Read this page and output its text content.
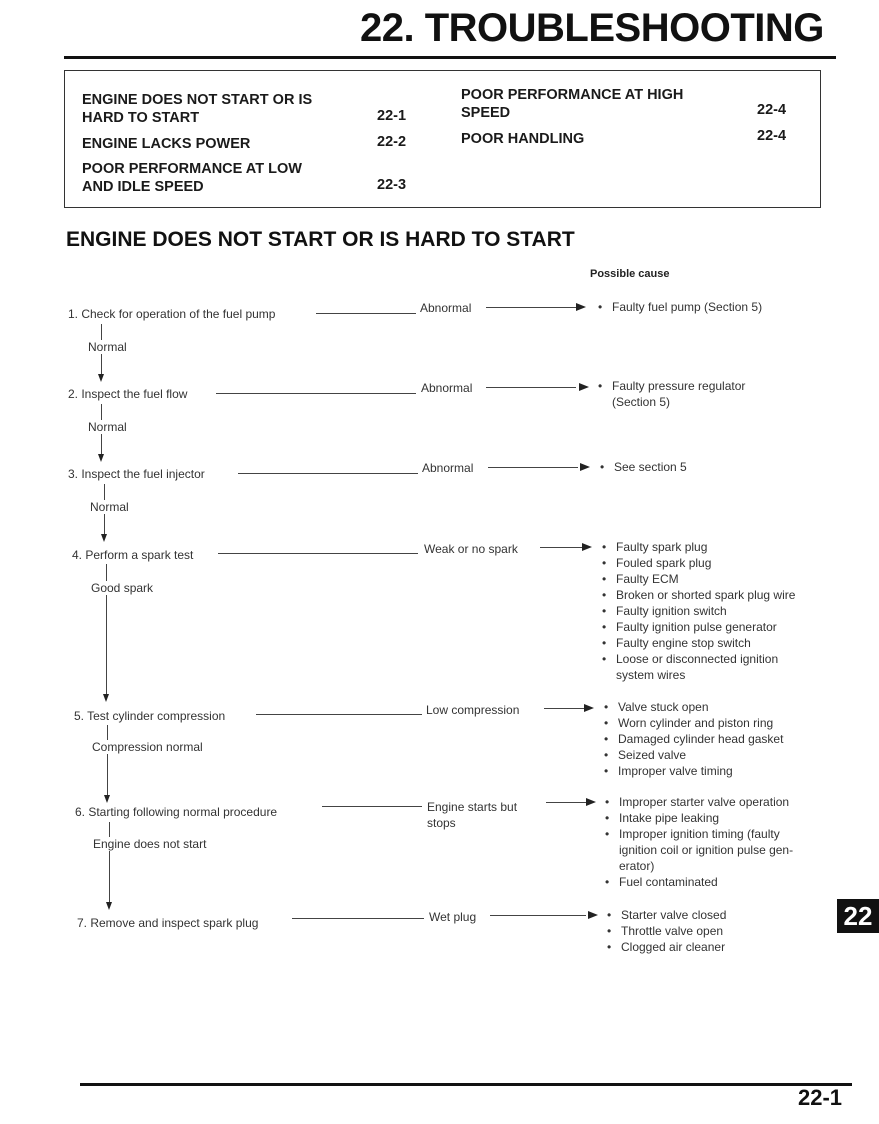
22. TROUBLESHOOTING
ENGINE DOES NOT START OR IS
HARD TO START	22-1
ENGINE LACKS POWER	22-2
POOR PERFORMANCE AT LOW
AND IDLE SPEED	22-3
POOR PERFORMANCE AT HIGH
SPEED	22-4
POOR HANDLING	22-4
ENGINE DOES NOT START OR IS HARD TO START
Possible cause
1. Check for operation of the fuel pump	Abnormal	• Faulty fuel pump (Section 5)
Normal
2. Inspect the fuel flow	Abnormal	• Faulty pressure regulator
(Section 5)
Normal
3. Inspect the fuel injector	Abnormal	• See section 5
Normal
4. Perform a spark test	Weak or no spark	• Faulty spark plug
• Fouled spark plug
• Faulty ECM
• Broken or shorted spark plug wire
• Faulty ignition switch
• Faulty ignition pulse generator
• Faulty engine stop switch
• Loose or disconnected ignition
system wires
Good spark
5. Test cylinder compression	Low compression	• Valve stuck open
• Worn cylinder and piston ring
• Damaged cylinder head gasket
• Seized valve
• Improper valve timing
Compression normal
6. Starting following normal procedure	Engine starts but
stops
• Improper starter valve operation
• Intake pipe leaking
• Improper ignition timing (faulty
ignition coil or ignition pulse gen-
erator)
• Fuel contaminated
Engine does not start
7. Remove and inspect spark plug	Wet plug	• Starter valve closed
• Throttle valve open
• Clogged air cleaner
22
22-1
